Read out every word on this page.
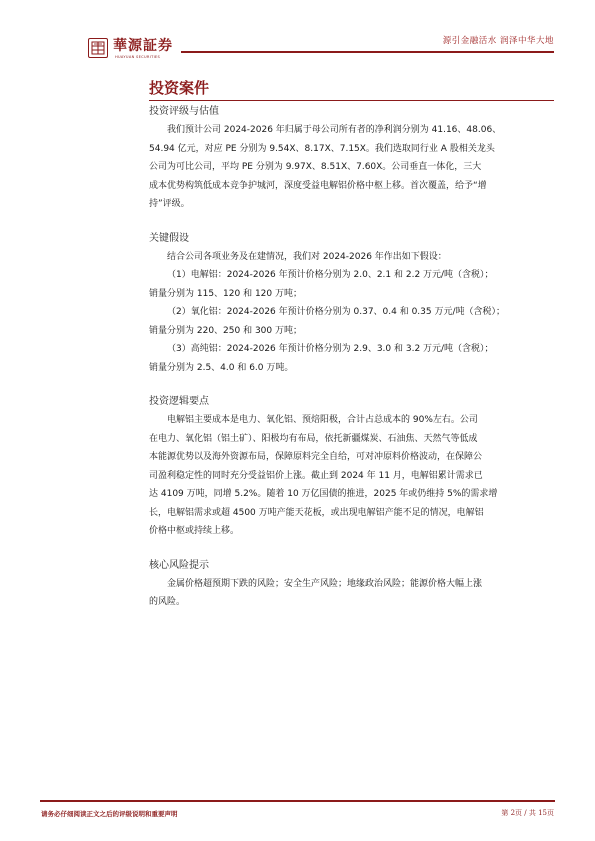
華源証券
HUAYUAN SECURITIES
源引金融活水 润泽中华大地
投资案件
投资评级与估值
我们预计公司 2024-2026 年归属于母公司所有者的净利润分别为 41.16、48.06、
54.94 亿元，对应 PE 分别为 9.54X、8.17X、7.15X。我们选取同行业 A 股相关龙头
公司为可比公司，平均 PE 分别为 9.97X、8.51X、7.60X。公司垂直一体化，三大
成本优势构筑低成本竞争护城河，深度受益电解铝价格中枢上移。首次覆盖，给予“增
持”评级。
关键假设
结合公司各项业务及在建情况，我们对 2024-2026 年作出如下假设：
（1）电解铝：2024-2026 年预计价格分别为 2.0、2.1 和 2.2 万元/吨（含税）；
销量分别为 115、120 和 120 万吨；
（2）氧化铝：2024-2026 年预计价格分别为 0.37、0.4 和 0.35 万元/吨（含税）；
销量分别为 220、250 和 300 万吨；
（3）高纯铝：2024-2026 年预计价格分别为 2.9、3.0 和 3.2 万元/吨（含税）；
销量分别为 2.5、4.0 和 6.0 万吨。
投资逻辑要点
电解铝主要成本是电力、氧化铝、预焙阳极，合计占总成本的 90%左右。公司
在电力、氧化铝（铝土矿）、阳极均有布局，依托新疆煤炭、石油焦、天然气等低成
本能源优势以及海外资源布局，保障原料完全自给，可对冲原料价格波动，在保障公
司盈利稳定性的同时充分受益铝价上涨。截止到 2024 年 11 月，电解铝累计需求已
达 4109 万吨，同增 5.2%。随着 10 万亿国债的推进，2025 年或仍维持 5%的需求增
长，电解铝需求或超 4500 万吨产能天花板，或出现电解铝产能不足的情况，电解铝
价格中枢或持续上移。
核心风险提示
金属价格超预期下跌的风险；安全生产风险；地缘政治风险；能源价格大幅上涨
的风险。
请务必仔细阅读正文之后的评级说明和重要声明	第 2页 / 共 15页
